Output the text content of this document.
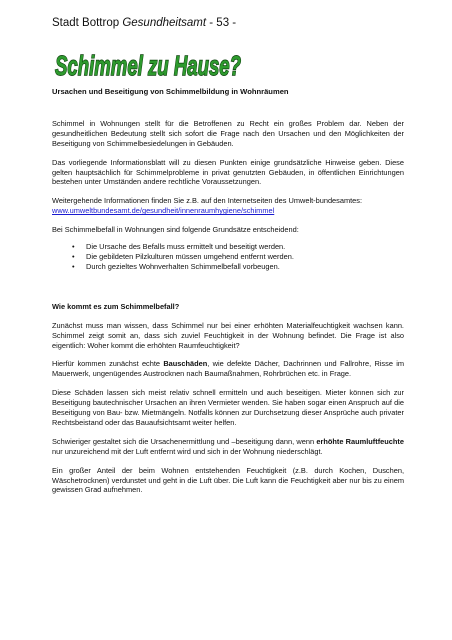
Stadt Bottrop Gesundheitsamt - 53 -
Schimmel zu Hause?

Ursachen und Beseitigung von Schimmelbildung in Wohnräumen

Schimmel in Wohnungen stellt für die Betroffenen zu Recht ein großes Problem dar. Neben der gesundheitlichen Bedeutung stellt sich sofort die Frage nach den Ursachen und den Möglichkeiten der Beseitigung von Schimmelbesiedelungen in Gebäuden.

Das vorliegende Informationsblatt will zu diesen Punkten einige grundsätzliche Hinweise geben. Diese gelten hauptsächlich für Schimmelprobleme in privat genutzten Gebäuden, in öffentlichen Einrichtungen bestehen unter Umständen andere rechtliche Voraussetzungen.

Weitergehende Informationen finden Sie z.B. auf den Internetseiten des Umwelt-bundesamtes: www.umweltbundesamt.de/gesundheit/innenraumhygiene/schimmel

Bei Schimmelbefall in Wohnungen sind folgende Grundsätze entscheidend:

• Die Ursache des Befalls muss ermittelt und beseitigt werden.
• Die gebildeten Pilzkulturen müssen umgehend entfernt werden.
• Durch gezieltes Wohnverhalten Schimmelbefall vorbeugen.

Wie kommt es zum Schimmelbefall?

Zunächst muss man wissen, dass Schimmel nur bei einer erhöhten Materialfeuchtigkeit wachsen kann. Schimmel zeigt somit an, dass sich zuviel Feuchtigkeit in der Wohnung befindet. Die Frage ist also eigentlich: Woher kommt die erhöhten Raumfeuchtigkeit?

Hierfür kommen zunächst echte Bauschäden, wie defekte Dächer, Dachrinnen und Fallrohre, Risse im Mauerwerk, ungenügendes Austrocknen nach Baumaßnahmen, Rohrbrüchen etc. in Frage.

Diese Schäden lassen sich meist relativ schnell ermitteln und auch beseitigen. Mieter können sich zur Beseitigung bautechnischer Ursachen an ihren Vermieter wenden. Sie haben sogar einen Anspruch auf die Beseitigung von Bau- bzw. Mietmängeln. Notfalls können zur Durchsetzung dieser Ansprüche auch privater Rechtsbeistand oder das Bauaufsichtsamt weiter helfen.

Schwieriger gestaltet sich die Ursachenermittlung und –beseitigung dann, wenn erhöhte Raumluftfeuchte nur unzureichend mit der Luft entfernt wird und sich in der Wohnung niederschlägt.

Ein großer Anteil der beim Wohnen entstehenden Feuchtigkeit (z.B. durch Kochen, Duschen, Wäschetrocknen) verdunstet und geht in die Luft über. Die Luft kann die Feuchtigkeit aber nur bis zu einem gewissen Grad aufnehmen.
